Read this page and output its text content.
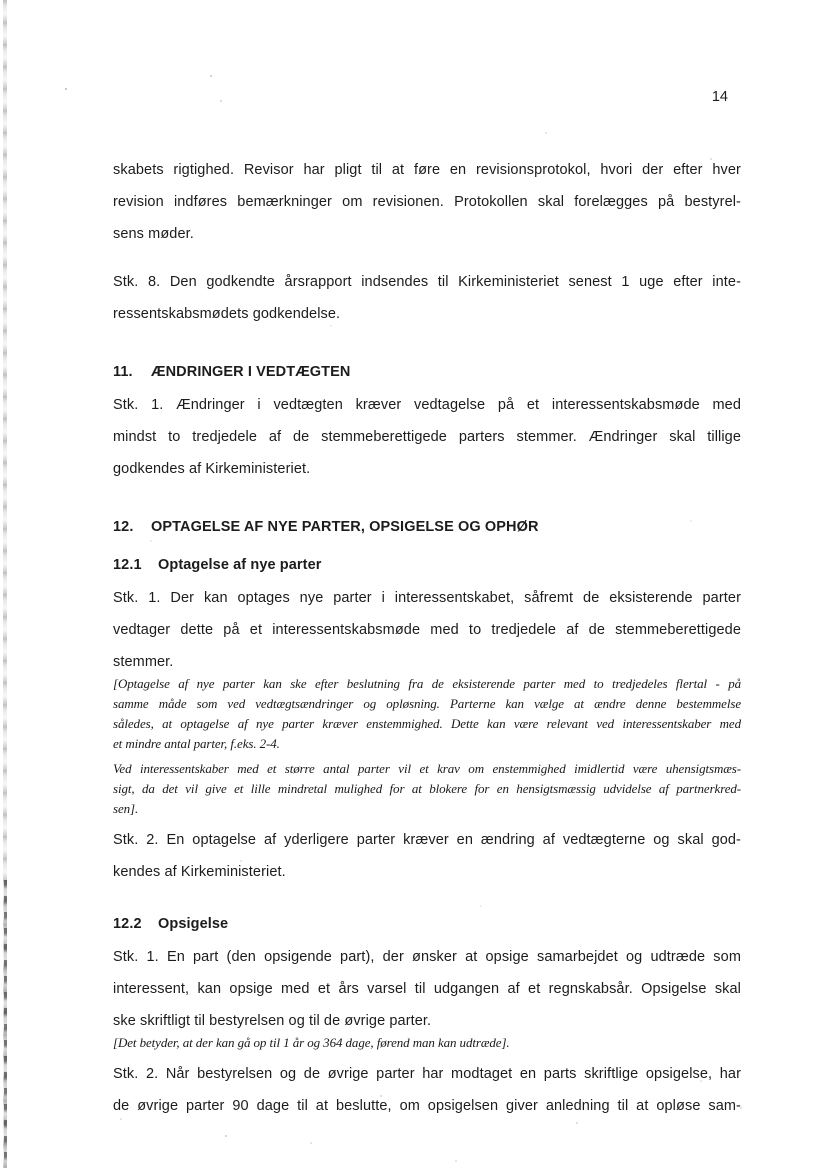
14
skabets rigtighed. Revisor har pligt til at føre en revisionsprotokol, hvori der efter hver
revision indføres bemærkninger om revisionen. Protokollen skal forelægges på bestyrel-
sens møder.
Stk. 8. Den godkendte årsrapport indsendes til Kirkeministeriet senest 1 uge efter inte-
ressentskabsmødets godkendelse.
11. ÆNDRINGER I VEDTÆGTEN
Stk. 1. Ændringer i vedtægten kræver vedtagelse på et interessentskabsmøde med
mindst to tredjedele af de stemmeberettigede parters stemmer. Ændringer skal tillige
godkendes af Kirkeministeriet.
12. OPTAGELSE AF NYE PARTER, OPSIGELSE OG OPHØR
12.1 Optagelse af nye parter
Stk. 1. Der kan optages nye parter i interessentskabet, såfremt de eksisterende parter
vedtager dette på et interessentskabsmøde med to tredjedele af de stemmeberettigede
stemmer.
[Optagelse af nye parter kan ske efter beslutning fra de eksisterende parter med to tredjedeles flertal - på
samme måde som ved vedtægtsændringer og opløsning. Parterne kan vælge at ændre denne bestemmelse
således, at optagelse af nye parter kræver enstemmighed. Dette kan være relevant ved interessentskaber med
et mindre antal parter, f.eks. 2-4.
Ved interessentskaber med et større antal parter vil et krav om enstemmighed imidlertid være uhensigtsmæs-
sigt, da det vil give et lille mindretal mulighed for at blokere for en hensigtsmæssig udvidelse af partnerkred-
sen].
Stk. 2. En optagelse af yderligere parter kræver en ændring af vedtægterne og skal god-
kendes af Kirkeministeriet.
12.2 Opsigelse
Stk. 1. En part (den opsigende part), der ønsker at opsige samarbejdet og udtræde som
interessent, kan opsige med et års varsel til udgangen af et regnskabsår. Opsigelse skal
ske skriftligt til bestyrelsen og til de øvrige parter.
[Det betyder, at der kan gå op til 1 år og 364 dage, førend man kan udtræde].
Stk. 2. Når bestyrelsen og de øvrige parter har modtaget en parts skriftlige opsigelse, har
de øvrige parter 90 dage til at beslutte, om opsigelsen giver anledning til at opløse sam-
